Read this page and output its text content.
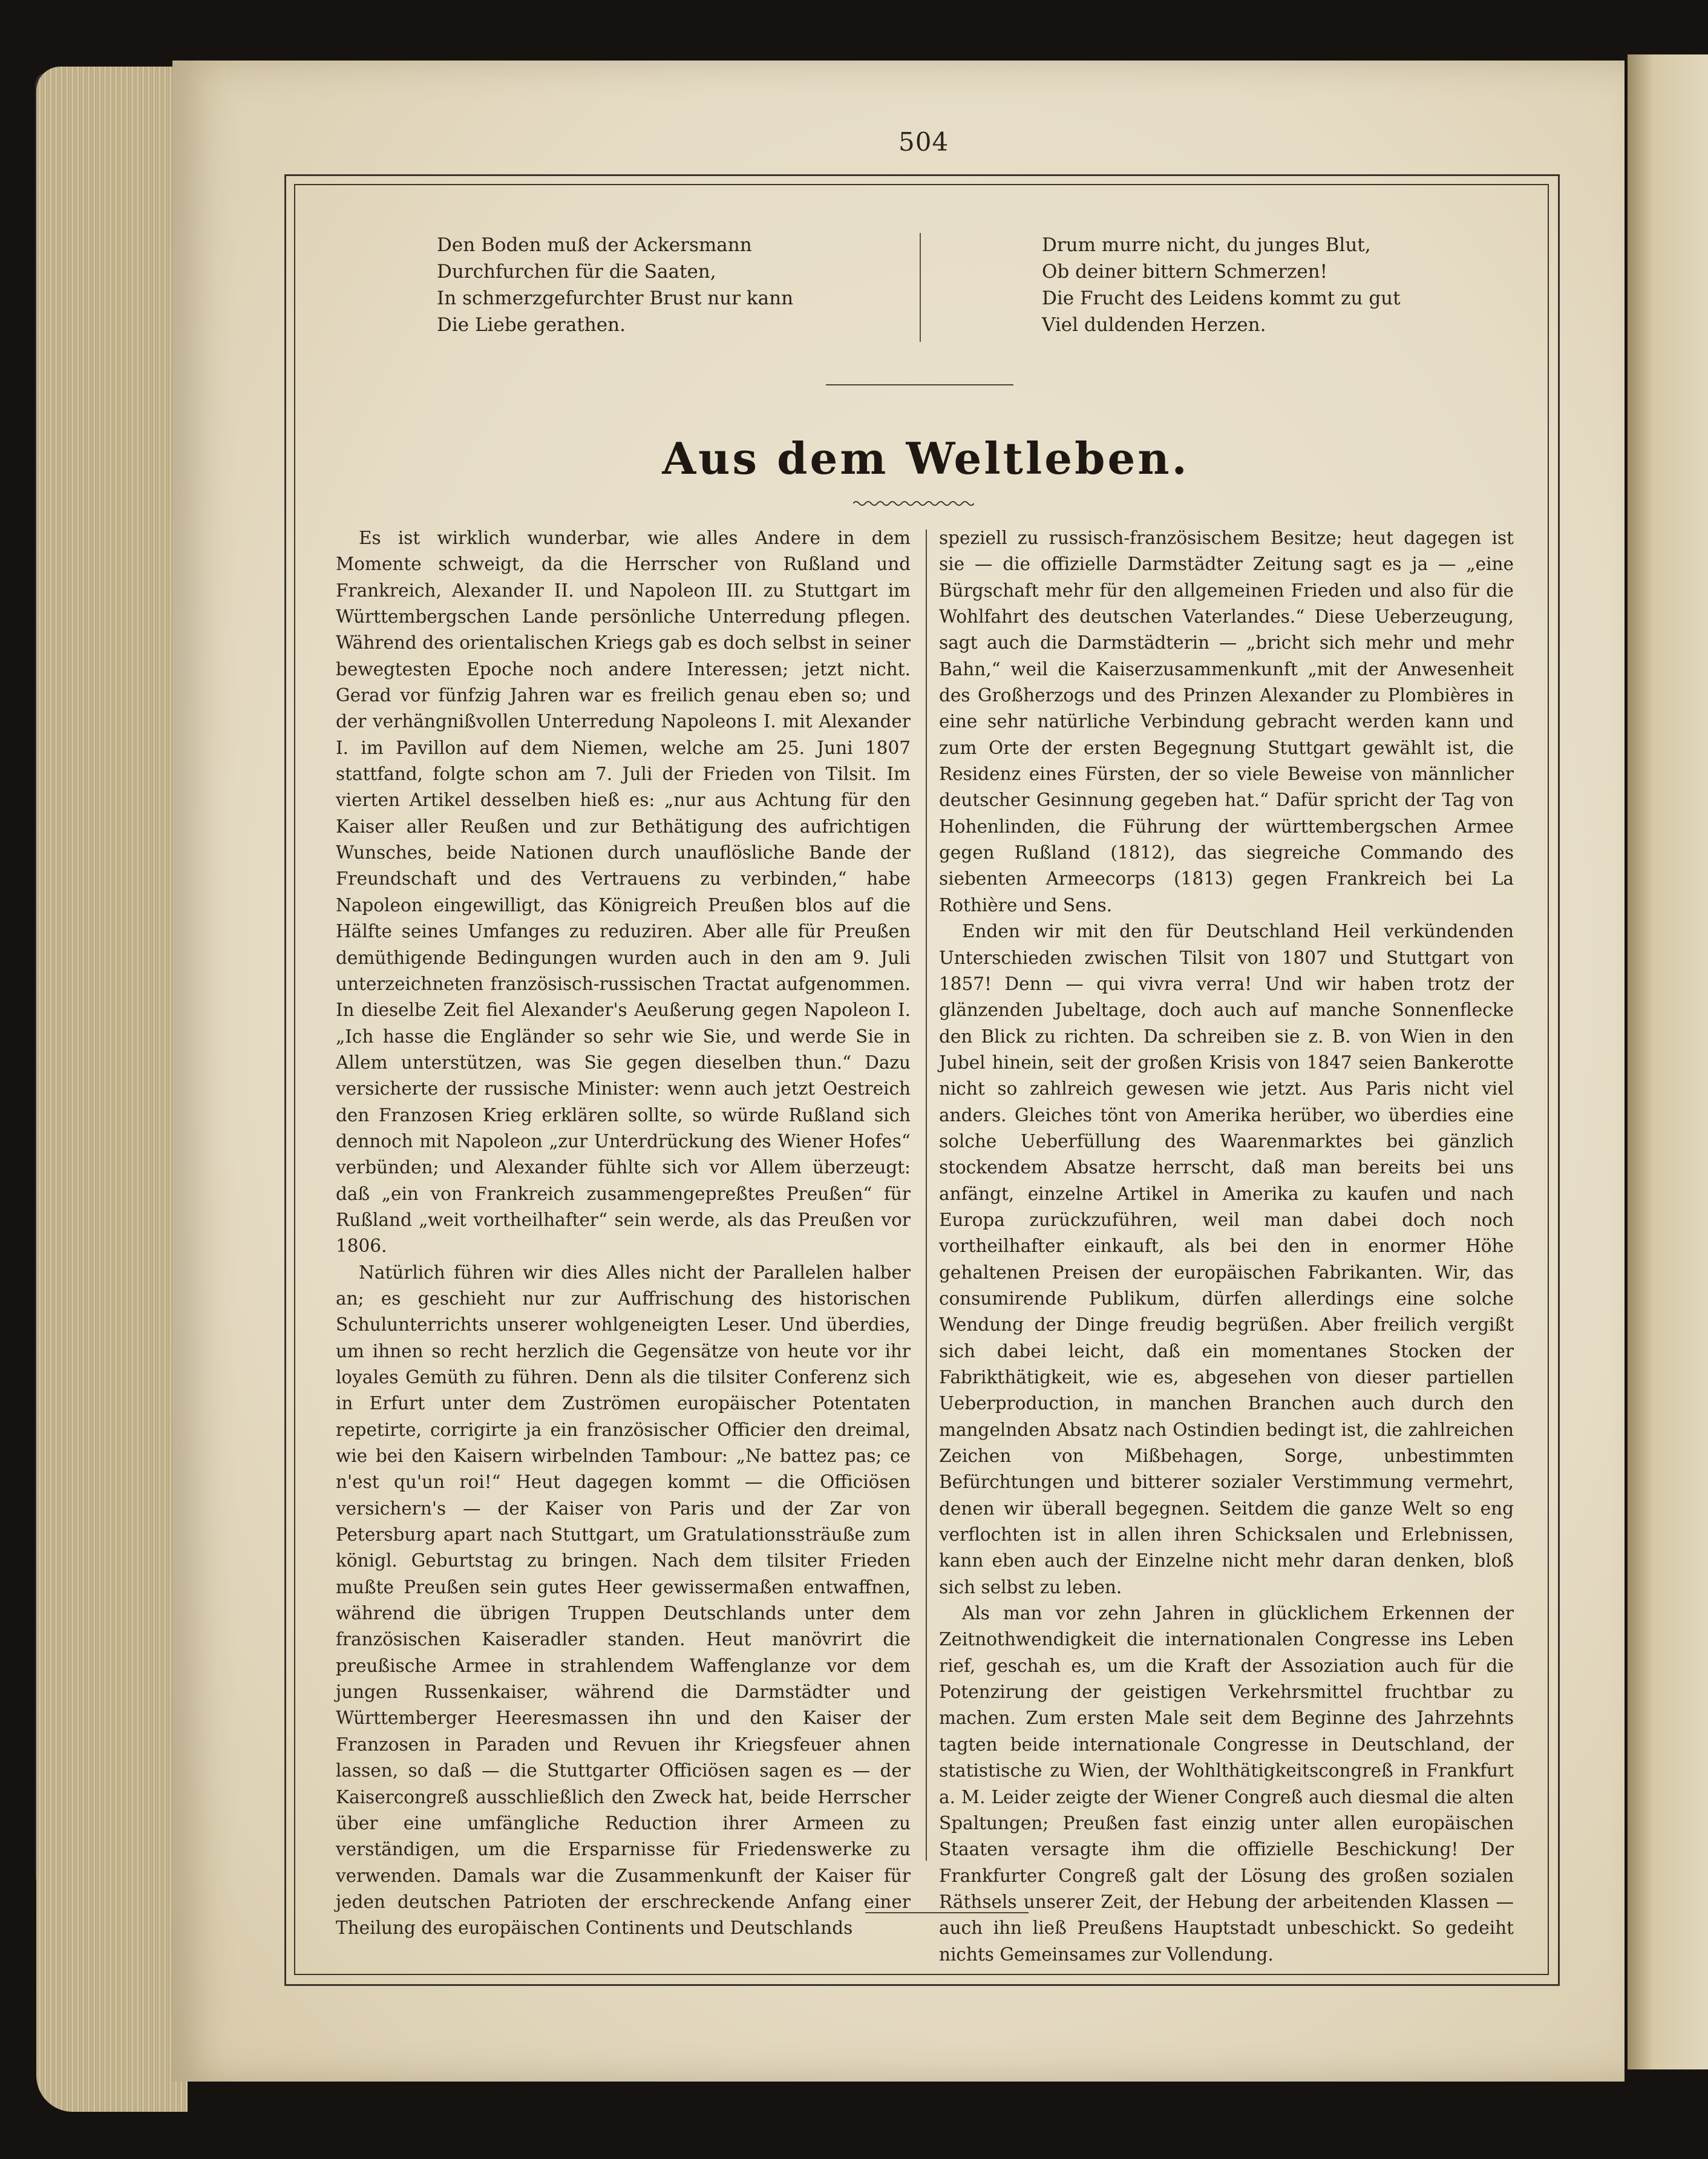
504
Den Boden muß der Ackersmann
Durchfurchen für die Saaten,
In schmerzgefurchter Brust nur kann
Die Liebe gerathen.
Drum murre nicht, du junges Blut,
Ob deiner bittern Schmerzen!
Die Frucht des Leidens kommt zu gut
Viel duldenden Herzen.
Aus dem Weltleben.

Es ist wirklich wunderbar, wie alles Andere in dem Momente schweigt, da die Herrscher von Rußland und Frankreich, Alexander II. und Napoleon III. zu Stuttgart im Württembergschen Lande persönliche Unterredung pflegen. Während des orientalischen Kriegs gab es doch selbst in seiner bewegtesten Epoche noch andere Interessen; jetzt nicht. Gerad vor fünfzig Jahren war es freilich genau eben so; und der verhängnißvollen Unterredung Napoleons I. mit Alexander I. im Pavillon auf dem Niemen, welche am 25. Juni 1807 stattfand, folgte schon am 7. Juli der Frieden von Tilsit. Im vierten Artikel desselben hieß es: „nur aus Achtung für den Kaiser aller Reußen und zur Bethätigung des aufrichtigen Wunsches, beide Nationen durch unauflösliche Bande der Freundschaft und des Vertrauens zu verbinden,“ habe Napoleon eingewilligt, das Königreich Preußen blos auf die Hälfte seines Umfanges zu reduziren. Aber alle für Preußen demüthigende Bedingungen wurden auch in den am 9. Juli unterzeichneten französisch-russischen Tractat aufgenommen. In dieselbe Zeit fiel Alexander's Aeußerung gegen Napoleon I. „Ich hasse die Engländer so sehr wie Sie, und werde Sie in Allem unterstützen, was Sie gegen dieselben thun.“ Dazu versicherte der russische Minister: wenn auch jetzt Oestreich den Franzosen Krieg erklären sollte, so würde Rußland sich dennoch mit Napoleon „zur Unterdrückung des Wiener Hofes“ verbünden; und Alexander fühlte sich vor Allem überzeugt: daß „ein von Frankreich zusammengepreßtes Preußen“ für Rußland „weit vortheilhafter“ sein werde, als das Preußen vor 1806.

Natürlich führen wir dies Alles nicht der Parallelen halber an; es geschieht nur zur Auffrischung des historischen Schulunterrichts unserer wohlgeneigten Leser. Und überdies, um ihnen so recht herzlich die Gegensätze von heute vor ihr loyales Gemüth zu führen. Denn als die tilsiter Conferenz sich in Erfurt unter dem Zuströmen europäischer Potentaten repetirte, corrigirte ja ein französischer Officier den dreimal, wie bei den Kaisern wirbelnden Tambour: „Ne battez pas; ce n'est qu'un roi!“ Heut dagegen kommt — die Officiösen versichern's — der Kaiser von Paris und der Zar von Petersburg apart nach Stuttgart, um Gratulationssträuße zum königl. Geburtstag zu bringen. Nach dem tilsiter Frieden mußte Preußen sein gutes Heer gewissermaßen entwaffnen, während die übrigen Truppen Deutschlands unter dem französischen Kaiseradler standen. Heut manövrirt die preußische Armee in strahlendem Waffenglanze vor dem jungen Russenkaiser, während die Darmstädter und Württemberger Heeresmassen ihn und den Kaiser der Franzosen in Paraden und Revuen ihr Kriegsfeuer ahnen lassen, so daß — die Stuttgarter Officiösen sagen es — der Kaisercongreß ausschließlich den Zweck hat, beide Herrscher über eine umfängliche Reduction ihrer Armeen zu verständigen, um die Ersparnisse für Friedenswerke zu verwenden. Damals war die Zusammenkunft der Kaiser für jeden deutschen Patrioten der erschreckende Anfang einer Theilung des europäischen Continents und Deutschlands

speziell zu russisch-französischem Besitze; heut dagegen ist sie — die offizielle Darmstädter Zeitung sagt es ja — „eine Bürgschaft mehr für den allgemeinen Frieden und also für die Wohlfahrt des deutschen Vaterlandes.“ Diese Ueberzeugung, sagt auch die Darmstädterin — „bricht sich mehr und mehr Bahn,“ weil die Kaiserzusammenkunft „mit der Anwesenheit des Großherzogs und des Prinzen Alexander zu Plombières in eine sehr natürliche Verbindung gebracht werden kann und zum Orte der ersten Begegnung Stuttgart gewählt ist, die Residenz eines Fürsten, der so viele Beweise von männlicher deutscher Gesinnung gegeben hat.“ Dafür spricht der Tag von Hohenlinden, die Führung der württembergschen Armee gegen Rußland (1812), das siegreiche Commando des siebenten Armeecorps (1813) gegen Frankreich bei La Rothière und Sens.

Enden wir mit den für Deutschland Heil verkündenden Unterschieden zwischen Tilsit von 1807 und Stuttgart von 1857! Denn — qui vivra verra! Und wir haben trotz der glänzenden Jubeltage, doch auch auf manche Sonnenflecke den Blick zu richten. Da schreiben sie z. B. von Wien in den Jubel hinein, seit der großen Krisis von 1847 seien Bankerotte nicht so zahlreich gewesen wie jetzt. Aus Paris nicht viel anders. Gleiches tönt von Amerika herüber, wo überdies eine solche Ueberfüllung des Waarenmarktes bei gänzlich stockendem Absatze herrscht, daß man bereits bei uns anfängt, einzelne Artikel in Amerika zu kaufen und nach Europa zurückzuführen, weil man dabei doch noch vortheilhafter einkauft, als bei den in enormer Höhe gehaltenen Preisen der europäischen Fabrikanten. Wir, das consumirende Publikum, dürfen allerdings eine solche Wendung der Dinge freudig begrüßen. Aber freilich vergißt sich dabei leicht, daß ein momentanes Stocken der Fabrikthätigkeit, wie es, abgesehen von dieser partiellen Ueberproduction, in manchen Branchen auch durch den mangelnden Absatz nach Ostindien bedingt ist, die zahlreichen Zeichen von Mißbehagen, Sorge, unbestimmten Befürchtungen und bitterer sozialer Verstimmung vermehrt, denen wir überall begegnen. Seitdem die ganze Welt so eng verflochten ist in allen ihren Schicksalen und Erlebnissen, kann eben auch der Einzelne nicht mehr daran denken, bloß sich selbst zu leben.

Als man vor zehn Jahren in glücklichem Erkennen der Zeitnothwendigkeit die internationalen Congresse ins Leben rief, geschah es, um die Kraft der Assoziation auch für die Potenzirung der geistigen Verkehrsmittel fruchtbar zu machen. Zum ersten Male seit dem Beginne des Jahrzehnts tagten beide internationale Congresse in Deutschland, der statistische zu Wien, der Wohlthätigkeitscongreß in Frankfurt a. M. Leider zeigte der Wiener Congreß auch diesmal die alten Spaltungen; Preußen fast einzig unter allen europäischen Staaten versagte ihm die offizielle Beschickung! Der Frankfurter Congreß galt der Lösung des großen sozialen Räthsels unserer Zeit, der Hebung der arbeitenden Klassen — auch ihn ließ Preußens Hauptstadt unbeschickt. So gedeiht nichts Gemeinsames zur Vollendung.
